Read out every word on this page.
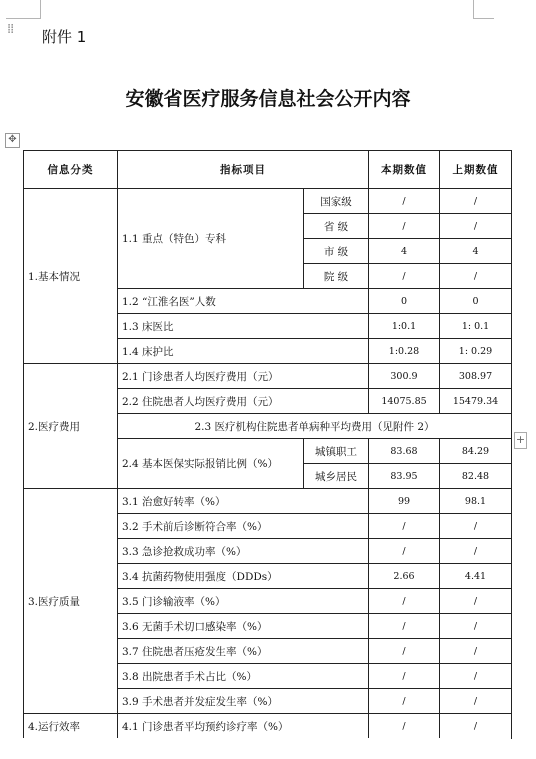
⁞⁞ 附件 1
安徽省医疗服务信息社会公开内容
✥
+
信息分类	指标项目		本期数值	上期数值
1.基本情况	1.1 重点（特色）专科	国家级	/	/
		省 级	/	/
		市 级	4	4
		院 级	/	/
	1.2 “江淮名医”人数		0	0
	1.3 床医比		1:0.1	1: 0.1
	1.4 床护比		1:0.28	1: 0.29
2.医疗费用	2.1 门诊患者人均医疗费用（元）		300.9	308.97
	2.2 住院患者人均医疗费用（元）		14075.85	15479.34
	2.3 医疗机构住院患者单病种平均费用（见附件 2）			
	2.4 基本医保实际报销比例（%）	城镇职工	83.68	84.29
		城乡居民	83.95	82.48
3.医疗质量	3.1 治愈好转率（%）		99	98.1
	3.2 手术前后诊断符合率（%）		/	/
	3.3 急诊抢救成功率（%）		/	/
	3.4 抗菌药物使用强度（DDDs）		2.66	4.41
	3.5 门诊输液率（%）		/	/
	3.6 无菌手术切口感染率（%）		/	/
	3.7 住院患者压疮发生率（%）		/	/
	3.8 出院患者手术占比（%）		/	/
	3.9 手术患者并发症发生率（%）		/	/
4.运行效率	4.1 门诊患者平均预约诊疗率（%）		/	/
